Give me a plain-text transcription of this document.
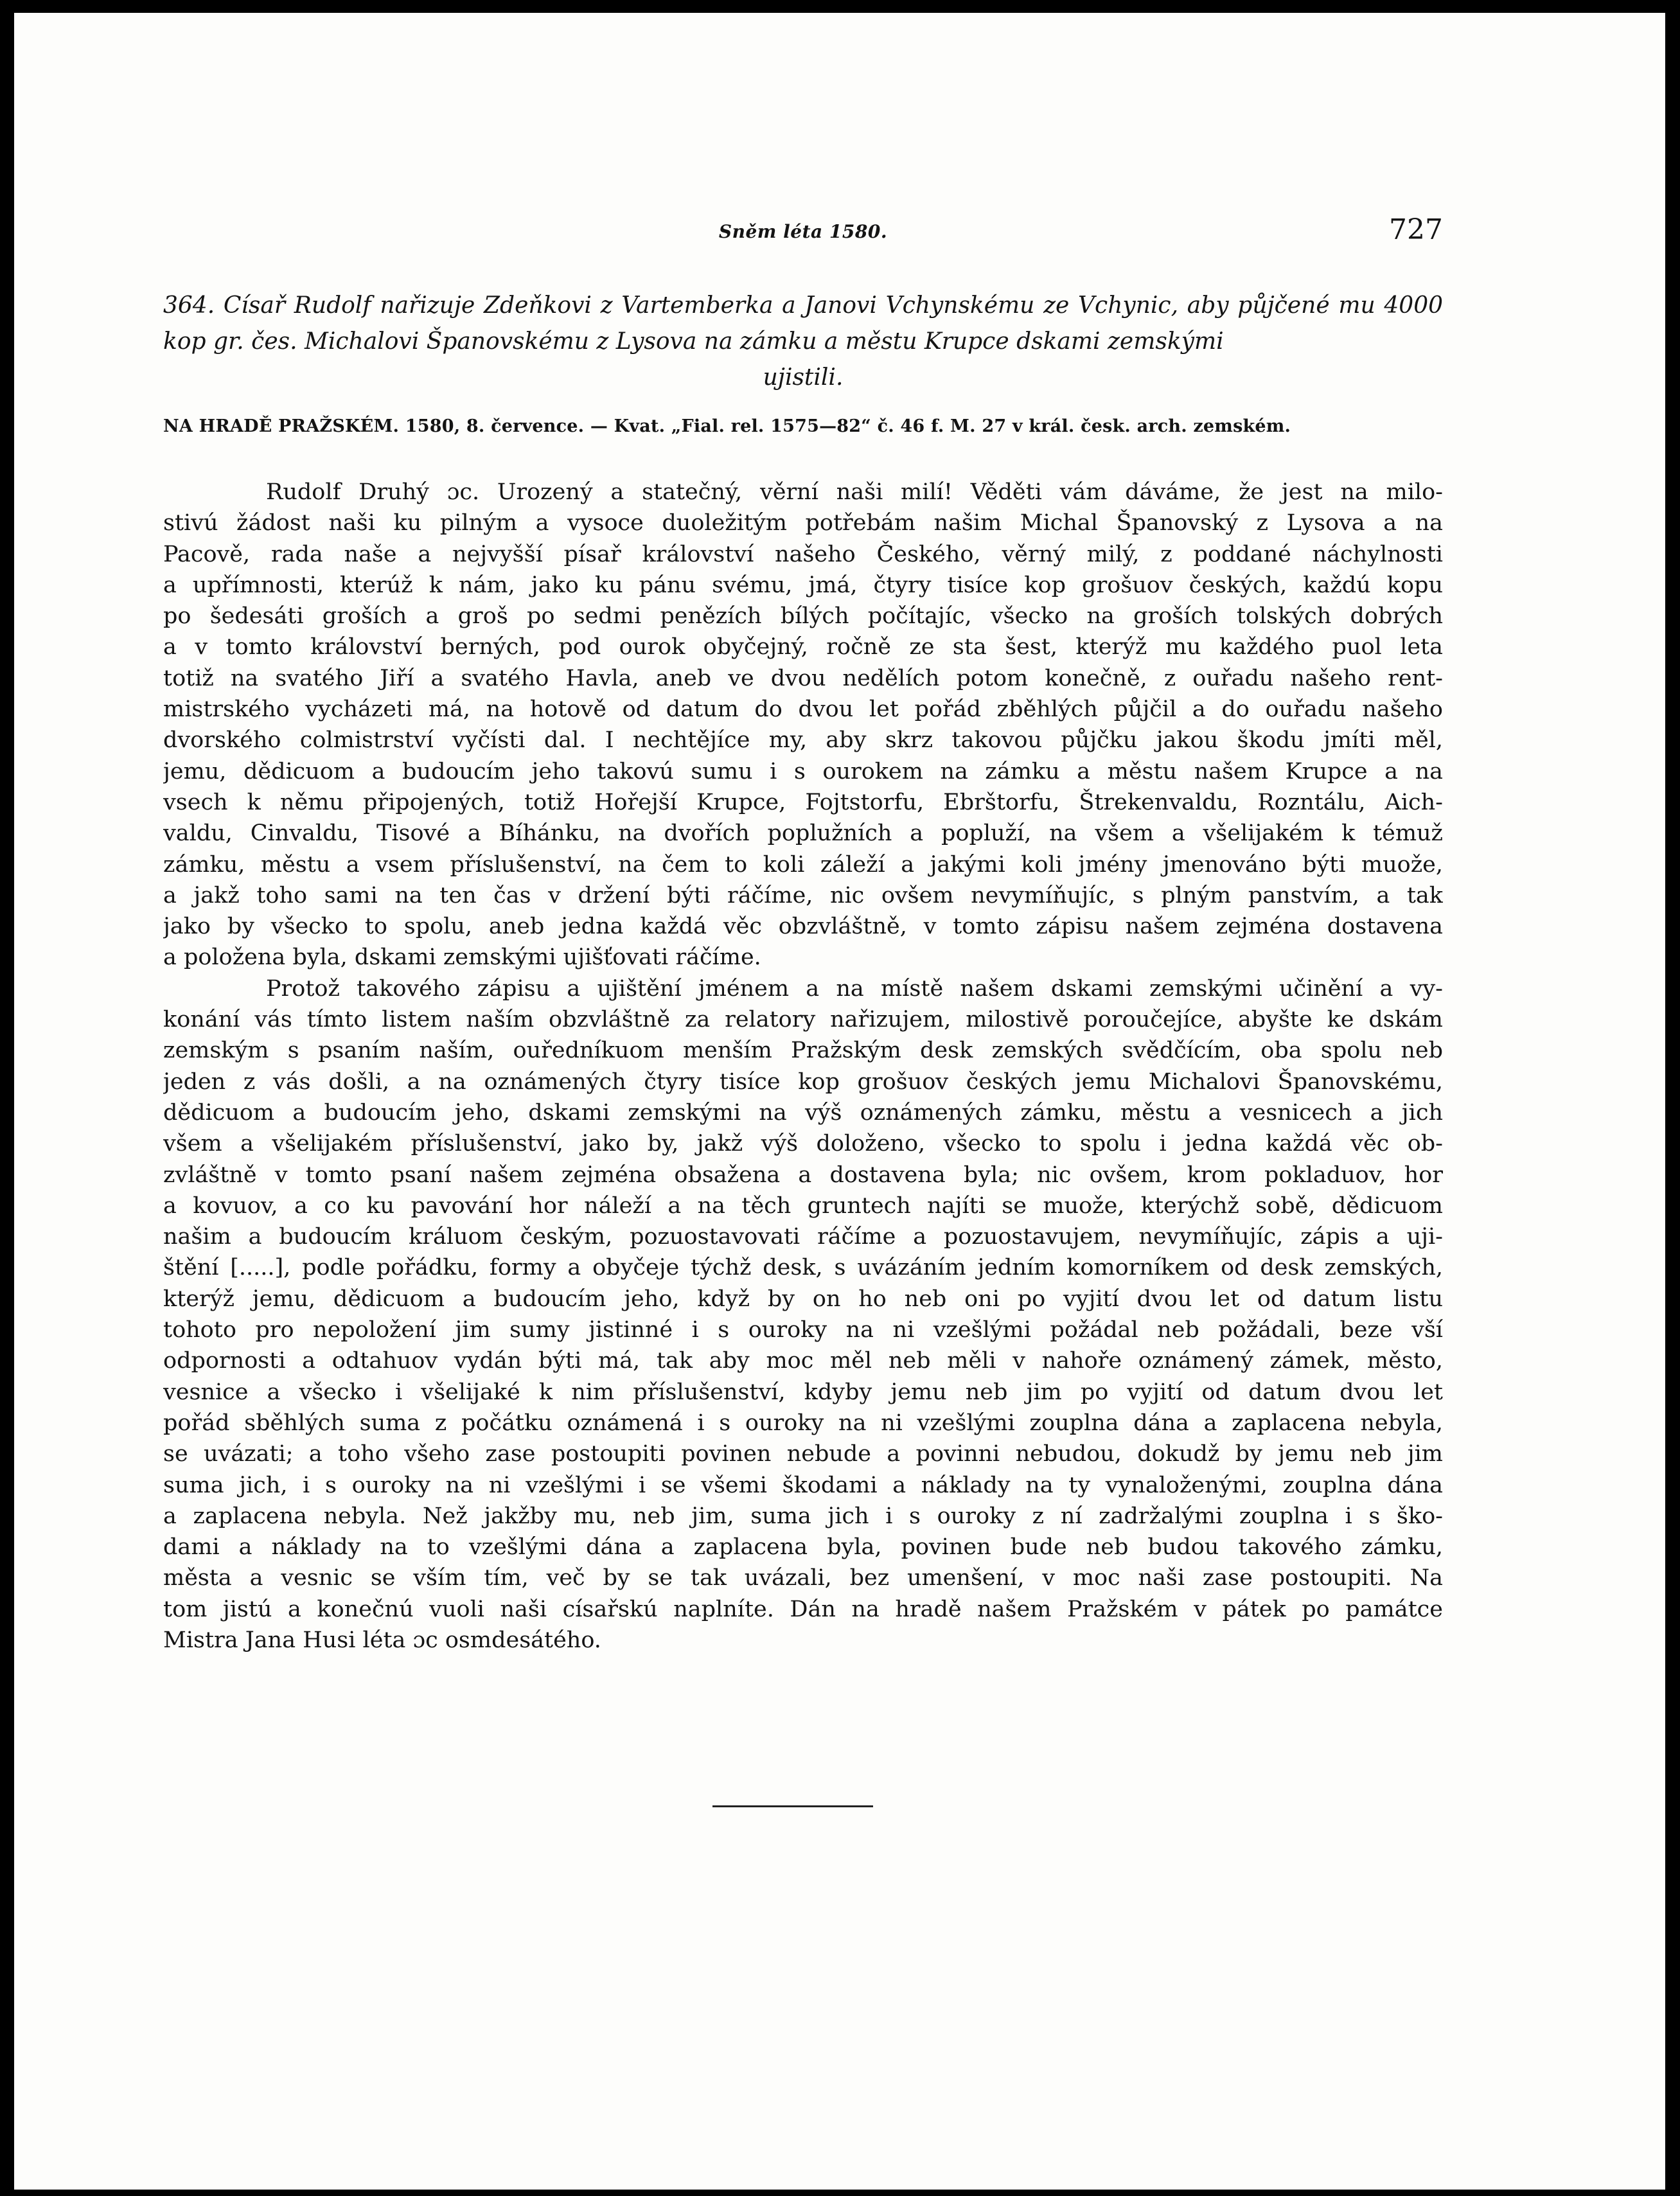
Sněm léta 1580.	727
364. Císař Rudolf nařizuje Zdeňkovi z Vartemberka a Janovi Vchynskému ze Vchynic, aby půjčené mu 4000 kop gr. čes. Michalovi Španovskému z Lysova na zámku a městu Krupce dskami zemskými
ujistili.
NA HRADĚ PRAŽSKÉM. 1580, 8. července. — Kvat. „Fial. rel. 1575—82“ č. 46 f. M. 27 v král. česk. arch. zemském.

Rudolf Druhý ɔc. Urozený a statečný, věrní naši milí! Věděti vám dáváme, že jest na milo-
stivú žádost naši ku pilným a vysoce duoležitým potřebám našim Michal Španovský z Lysova a na
Pacově, rada naše a nejvyšší písař království našeho Českého, věrný milý, z poddané náchylnosti
a upřímnosti, kterúž k nám, jako ku pánu svému, jmá, čtyry tisíce kop grošuov českých, každú kopu
po šedesáti groších a groš po sedmi penězích bílých počítajíc, všecko na groších tolských dobrých
a v tomto království berných, pod ourok obyčejný, ročně ze sta šest, kterýž mu každého puol leta
totiž na svatého Jiří a svatého Havla, aneb ve dvou nedělích potom konečně, z ouřadu našeho rent-
mistrského vycházeti má, na hotově od datum do dvou let pořád zběhlých půjčil a do ouřadu našeho
dvorského colmistrství vyčísti dal. I nechtějíce my, aby skrz takovou půjčku jakou škodu jmíti měl,
jemu, dědicuom a budoucím jeho takovú sumu i s ourokem na zámku a městu našem Krupce a na
vsech k němu připojených, totiž Hořejší Krupce, Fojtstorfu, Ebrštorfu, Štrekenvaldu, Rozntálu, Aich-
valdu, Cinvaldu, Tisové a Bíhánku, na dvořích poplužních a popluží, na všem a všelijakém k témuž
zámku, městu a vsem příslušenství, na čem to koli záleží a jakými koli jmény jmenováno býti muože,
a jakž toho sami na ten čas v držení býti ráčíme, nic ovšem nevymíňujíc, s plným panstvím, a tak
jako by všecko to spolu, aneb jedna každá věc obzvláštně, v tomto zápisu našem zejména dostavena
a položena byla, dskami zemskými ujišťovati ráčíme.

Protož takového zápisu a ujištění jménem a na místě našem dskami zemskými učinění a vy-
konání vás tímto listem naším obzvláštně za relatory nařizujem, milostivě poroučejíce, abyšte ke dskám
zemským s psaním naším, ouředníkuom menším Pražským desk zemských svědčícím, oba spolu neb
jeden z vás došli, a na oznámených čtyry tisíce kop grošuov českých jemu Michalovi Španovskému,
dědicuom a budoucím jeho, dskami zemskými na výš oznámených zámku, městu a vesnicech a jich
všem a všelijakém příslušenství, jako by, jakž výš doloženo, všecko to spolu i jedna každá věc ob-
zvláštně v tomto psaní našem zejména obsažena a dostavena byla; nic ovšem, krom pokladuov, hor
a kovuov, a co ku pavování hor náleží a na těch gruntech najíti se muože, kterýchž sobě, dědicuom
našim a budoucím králuom českým, pozuostavovati ráčíme a pozuostavujem, nevymíňujíc, zápis a uji-
štění [.....], podle pořádku, formy a obyčeje týchž desk, s uvázáním jedním komorníkem od desk zemských,
kterýž jemu, dědicuom a budoucím jeho, když by on ho neb oni po vyjití dvou let od datum listu
tohoto pro nepoložení jim sumy jistinné i s ouroky na ni vzešlými požádal neb požádali, beze vší
odpornosti a odtahuov vydán býti má, tak aby moc měl neb měli v nahoře oznámený zámek, město,
vesnice a všecko i všelijaké k nim příslušenství, kdyby jemu neb jim po vyjití od datum dvou let
pořád sběhlých suma z počátku oznámená i s ouroky na ni vzešlými zouplna dána a zaplacena nebyla,
se uvázati; a toho všeho zase postoupiti povinen nebude a povinni nebudou, dokudž by jemu neb jim
suma jich, i s ouroky na ni vzešlými i se všemi škodami a náklady na ty vynaloženými, zouplna dána
a zaplacena nebyla. Než jakžby mu, neb jim, suma jich i s ouroky z ní zadržalými zouplna i s ško-
dami a náklady na to vzešlými dána a zaplacena byla, povinen bude neb budou takového zámku,
města a vesnic se vším tím, več by se tak uvázali, bez umenšení, v moc naši zase postoupiti. Na
tom jistú a konečnú vuoli naši císařskú naplníte. Dán na hradě našem Pražském v pátek po památce
Mistra Jana Husi léta ɔc osmdesátého.
